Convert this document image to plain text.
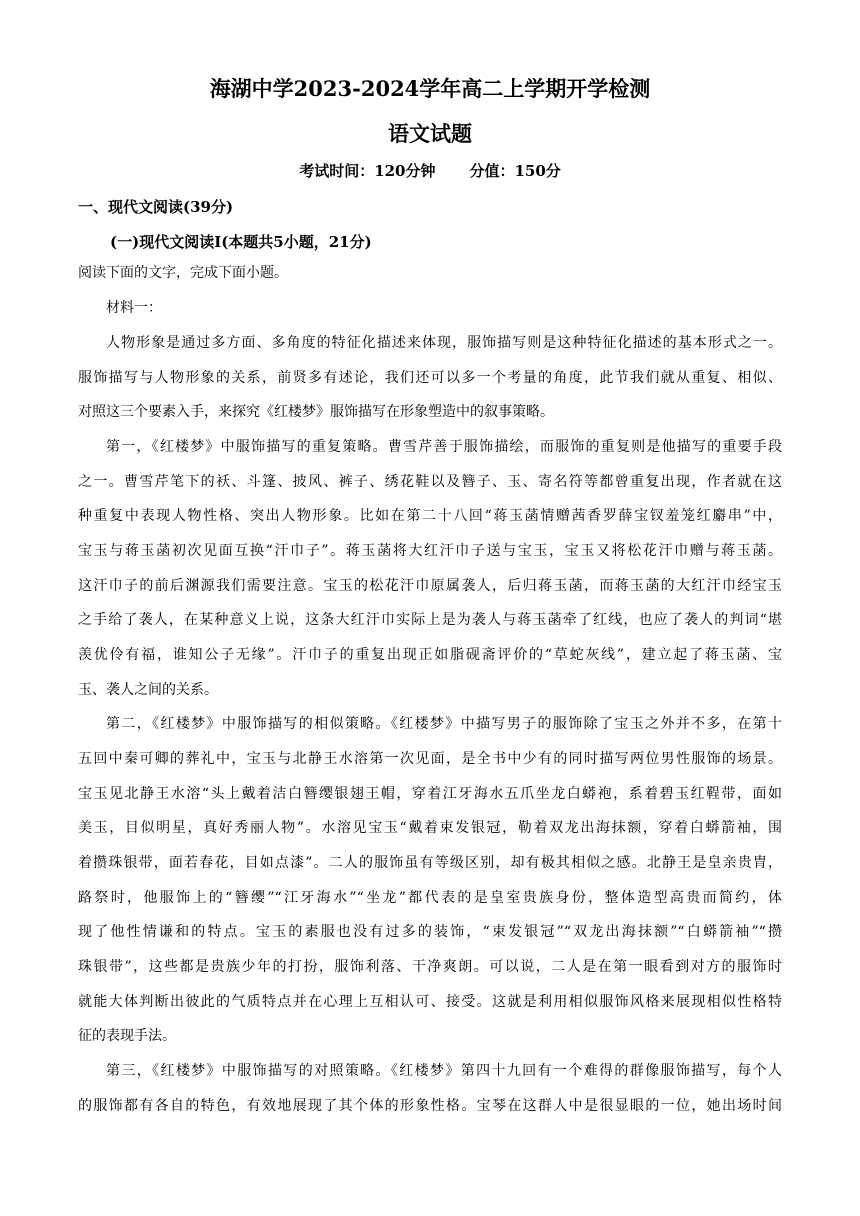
海湖中学2023-2024学年高二上学期开学检测
语文试题
考试时间：120分钟 分值：150分
一、现代文阅读(39分)
(一)现代文阅读Ⅰ(本题共5小题，21分)
阅读下面的文字，完成下面小题。
材料一：
人物形象是通过多方面、多角度的特征化描述来体现，服饰描写则是这种特征化描述的基本形式之一。
服饰描写与人物形象的关系，前贤多有述论，我们还可以多一个考量的角度，此节我们就从重复、相似、
对照这三个要素入手，来探究《红楼梦》服饰描写在形象塑造中的叙事策略。
第一，《红楼梦》中服饰描写的重复策略。曹雪芹善于服饰描绘，而服饰的重复则是他描写的重要手段
之一。曹雪芹笔下的袄、斗篷、披风、裤子、绣花鞋以及簪子、玉、寄名符等都曾重复出现，作者就在这
种重复中表现人物性格、突出人物形象。比如在第二十八回“蒋玉菡情赠茜香罗薛宝钗羞笼红麝串”中，
宝玉与蒋玉菡初次见面互换“汗巾子”。蒋玉菡将大红汗巾子送与宝玉，宝玉又将松花汗巾赠与蒋玉菡。
这汗巾子的前后渊源我们需要注意。宝玉的松花汗巾原属袭人，后归蒋玉菡，而蒋玉菡的大红汗巾经宝玉
之手给了袭人，在某种意义上说，这条大红汗巾实际上是为袭人与蒋玉菡牵了红线，也应了袭人的判词“堪
羡优伶有福，谁知公子无缘”。汗巾子的重复出现正如脂砚斋评价的“草蛇灰线”，建立起了蒋玉菡、宝
玉、袭人之间的关系。
第二，《红楼梦》中服饰描写的相似策略。《红楼梦》中描写男子的服饰除了宝玉之外并不多，在第十
五回中秦可卿的葬礼中，宝玉与北静王水溶第一次见面，是全书中少有的同时描写两位男性服饰的场景。
宝玉见北静王水溶“头上戴着洁白簪缨银翅王帽，穿着江牙海水五爪坐龙白蟒袍，系着碧玉红鞓带，面如
美玉，目似明星，真好秀丽人物”。水溶见宝玉“戴着束发银冠，勒着双龙出海抹额，穿着白蟒箭袖，围
着攒珠银带，面若春花，目如点漆”。二人的服饰虽有等级区别，却有极其相似之感。北静王是皇亲贵胄，
路祭时，他服饰上的“簪缨”“江牙海水”“坐龙”都代表的是皇室贵族身份，整体造型高贵而简约，体
现了他性情谦和的特点。宝玉的素服也没有过多的装饰，“束发银冠”“双龙出海抹额”“白蟒箭袖”“攒
珠银带”，这些都是贵族少年的打扮，服饰利落、干净爽朗。可以说，二人是在第一眼看到对方的服饰时
就能大体判断出彼此的气质特点并在心理上互相认可、接受。这就是利用相似服饰风格来展现相似性格特
征的表现手法。
第三，《红楼梦》中服饰描写的对照策略。《红楼梦》第四十九回有一个难得的群像服饰描写，每个人
的服饰都有各自的特色，有效地展现了其个体的形象性格。宝琴在这群人中是很显眼的一位，她出场时间
